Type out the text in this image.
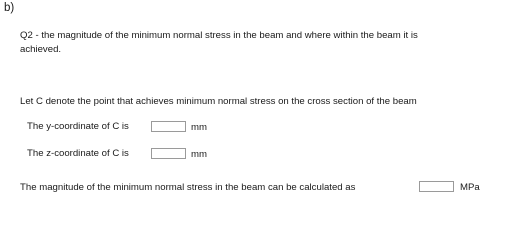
b)
Q2 - the magnitude of the minimum normal stress in the beam and where within the beam it is
achieved.
Let C denote the point that achieves minimum normal stress on the cross section of the beam
The y-coordinate of C is	mm
The z-coordinate of C is	mm
The magnitude of the minimum normal stress in the beam can be calculated as	MPa
